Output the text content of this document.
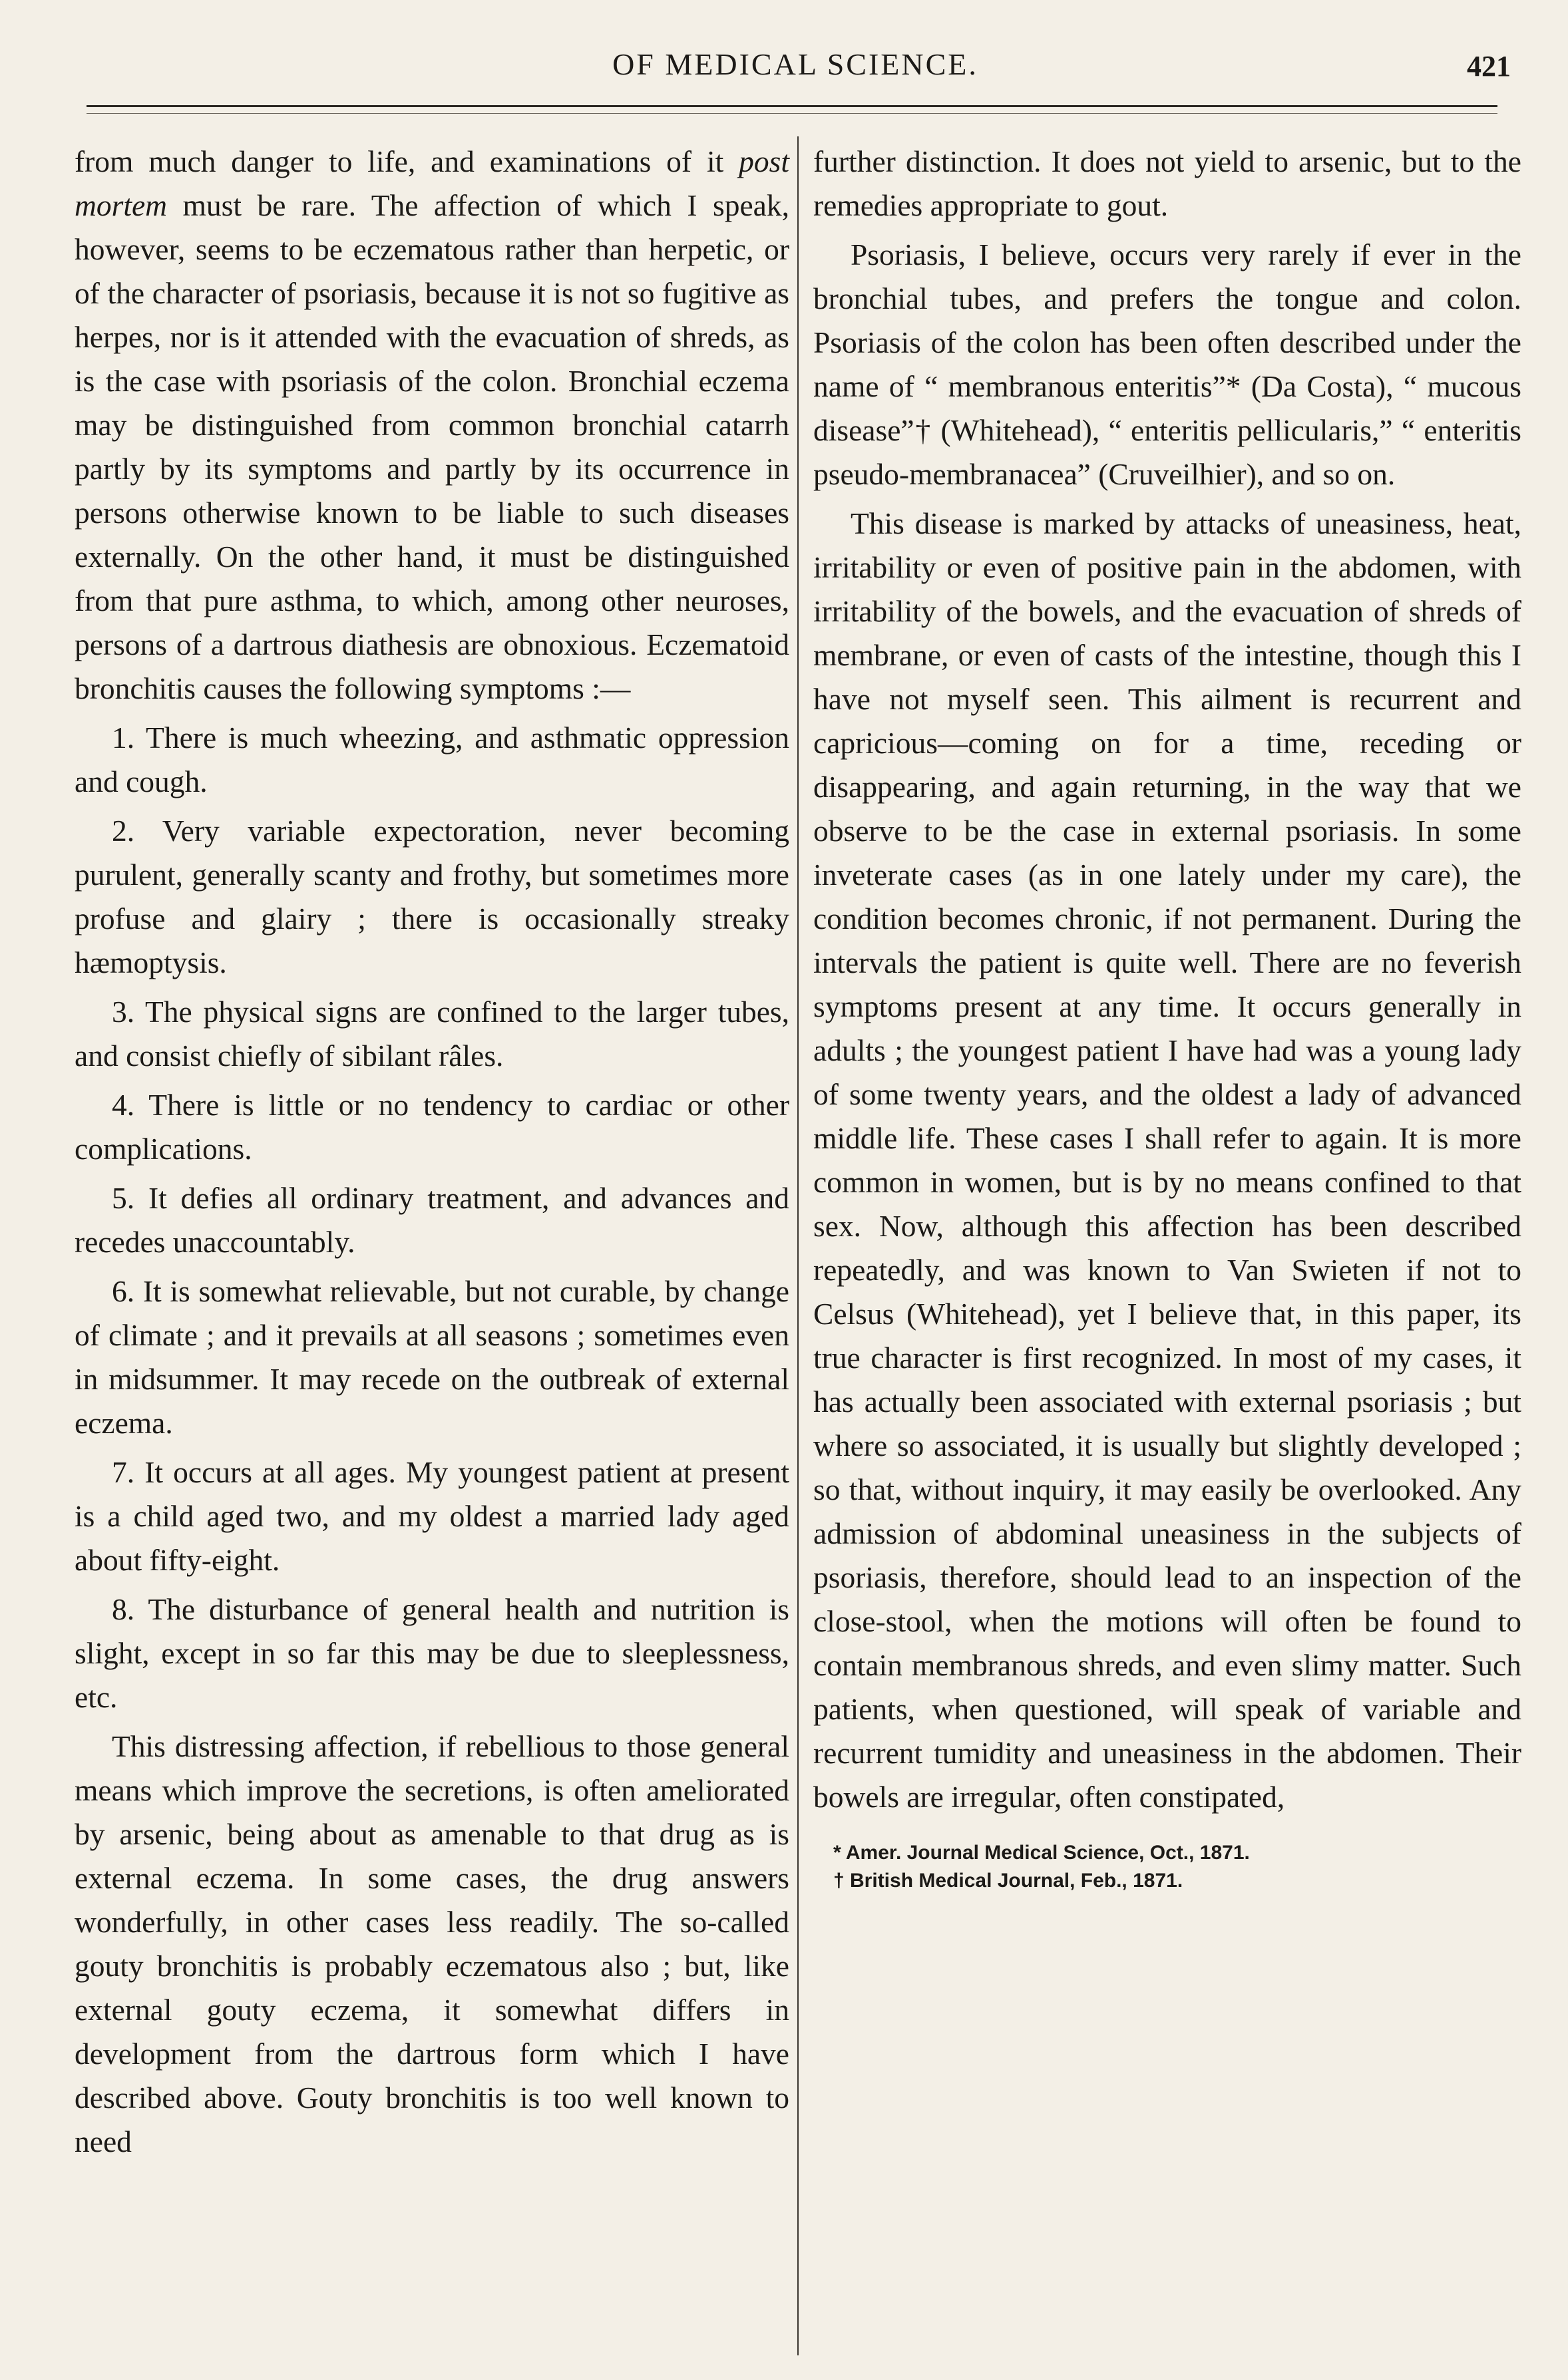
OF MEDICAL SCIENCE.	421

from much danger to life, and examinations of it post mortem must be rare. The affection of which I speak, however, seems to be eczematous rather than herpetic, or of the character of psoriasis, because it is not so fugitive as herpes, nor is it attended with the evacuation of shreds, as is the case with psoriasis of the colon. Bronchial eczema may be distinguished from common bronchial catarrh partly by its symptoms and partly by its occurrence in persons otherwise known to be liable to such diseases externally. On the other hand, it must be distinguished from that pure asthma, to which, among other neuroses, persons of a dartrous diathesis are obnoxious. Eczematoid bronchitis causes the following symptoms :—

1. There is much wheezing, and asthmatic oppression and cough.

2. Very variable expectoration, never becoming purulent, generally scanty and frothy, but sometimes more profuse and glairy ; there is occasionally streaky hæmoptysis.

3. The physical signs are confined to the larger tubes, and consist chiefly of sibilant râles.

4. There is little or no tendency to cardiac or other complications.

5. It defies all ordinary treatment, and advances and recedes unaccountably.

6. It is somewhat relievable, but not curable, by change of climate ; and it prevails at all seasons ; sometimes even in midsummer. It may recede on the outbreak of external eczema.

7. It occurs at all ages. My youngest patient at present is a child aged two, and my oldest a married lady aged about fifty-eight.

8. The disturbance of general health and nutrition is slight, except in so far this may be due to sleeplessness, etc.

This distressing affection, if rebellious to those general means which improve the secretions, is often ameliorated by arsenic, being about as amenable to that drug as is external eczema. In some cases, the drug answers wonderfully, in other cases less readily. The so-called gouty bronchitis is probably eczematous also ; but, like external gouty eczema, it somewhat differs in development from the dartrous form which I have described above. Gouty bronchitis is too well known to need

further distinction. It does not yield to arsenic, but to the remedies appropriate to gout.

Psoriasis, I believe, occurs very rarely if ever in the bronchial tubes, and prefers the tongue and colon. Psoriasis of the colon has been often described under the name of “ membranous enteritis”* (Da Costa), “ mucous disease”† (Whitehead), “ enteritis pellicularis,” “ enteritis pseudo-membranacea” (Cruveilhier), and so on.

This disease is marked by attacks of uneasiness, heat, irritability or even of positive pain in the abdomen, with irritability of the bowels, and the evacuation of shreds of membrane, or even of casts of the intestine, though this I have not myself seen. This ailment is recurrent and capricious—coming on for a time, receding or disappearing, and again returning, in the way that we observe to be the case in external psoriasis. In some inveterate cases (as in one lately under my care), the condition becomes chronic, if not permanent. During the intervals the patient is quite well. There are no feverish symptoms present at any time. It occurs generally in adults ; the youngest patient I have had was a young lady of some twenty years, and the oldest a lady of advanced middle life. These cases I shall refer to again. It is more common in women, but is by no means confined to that sex. Now, although this affection has been described repeatedly, and was known to Van Swieten if not to Celsus (Whitehead), yet I believe that, in this paper, its true character is first recognized. In most of my cases, it has actually been associated with external psoriasis ; but where so associated, it is usually but slightly developed ; so that, without inquiry, it may easily be overlooked. Any admission of abdominal uneasiness in the subjects of psoriasis, therefore, should lead to an inspection of the close-stool, when the motions will often be found to contain membranous shreds, and even slimy matter. Such patients, when questioned, will speak of variable and recurrent tumidity and uneasiness in the abdomen. Their bowels are irregular, often constipated,

* Amer. Journal Medical Science, Oct., 1871.
† British Medical Journal, Feb., 1871.
